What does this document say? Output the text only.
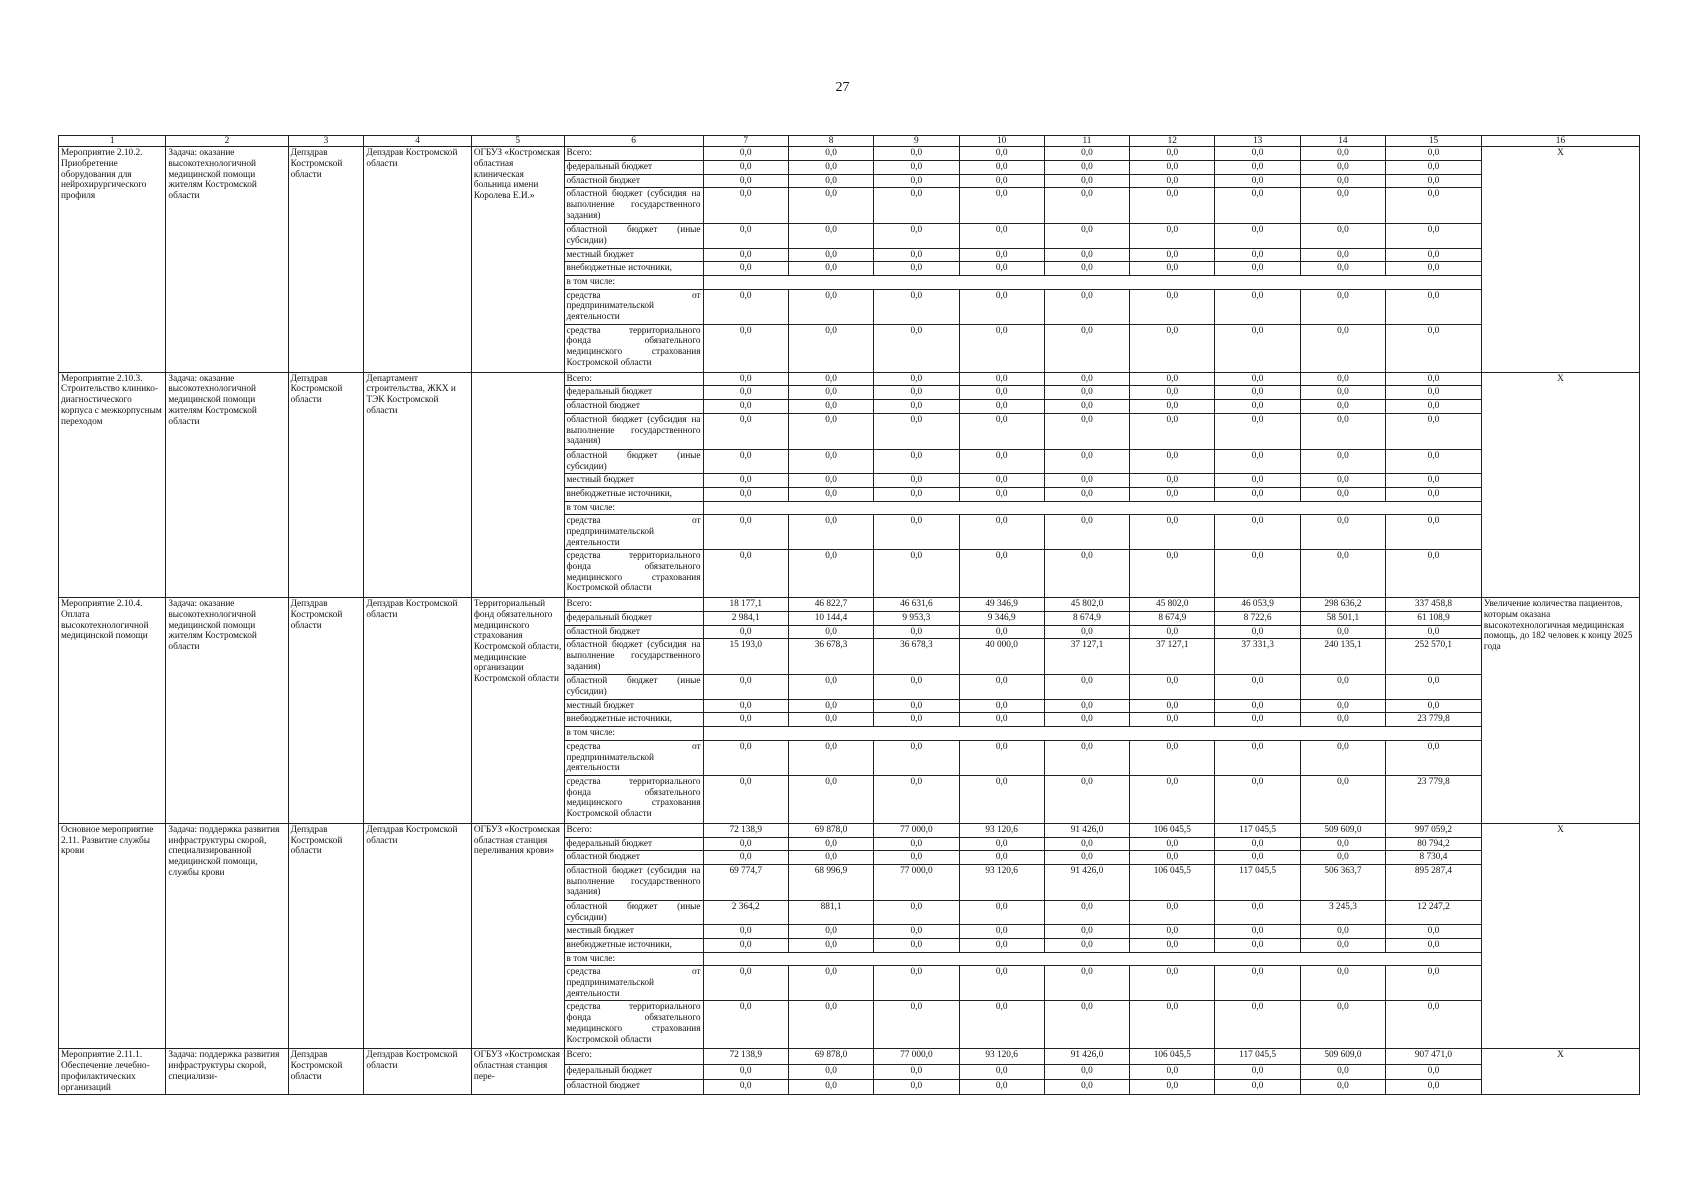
27
1	2	3	4	5	6	7	8	9	10	11	12	13	14	15	16
Мероприятие 2.10.2. Приобретение оборудования для нейрохирургического профиля	Задача: оказание высокотехнологичной медицинской помощи жителям Костромской области	Депздрав Костромской области	Депздрав Костромской области	ОГБУЗ «Костромская областная клиническая больница имени Королева Е.И.»	Всего:	0,0	0,0	0,0	0,0	0,0	0,0	0,0	0,0	0,0	X
					федеральный бюджет	0,0	0,0	0,0	0,0	0,0	0,0	0,0	0,0	0,0	
					областной бюджет	0,0	0,0	0,0	0,0	0,0	0,0	0,0	0,0	0,0	
					областной бюджет (субсидия на выполнение государственного задания)	0,0	0,0	0,0	0,0	0,0	0,0	0,0	0,0	0,0	
					областной бюджет (иные субсидии)	0,0	0,0	0,0	0,0	0,0	0,0	0,0	0,0	0,0	
					местный бюджет	0,0	0,0	0,0	0,0	0,0	0,0	0,0	0,0	0,0	
					внебюджетные источники,	0,0	0,0	0,0	0,0	0,0	0,0	0,0	0,0	0,0	
					в том числе:										
					средства от предпринимательской деятельности	0,0	0,0	0,0	0,0	0,0	0,0	0,0	0,0	0,0	
					средства территориального фонда обязательного медицинского страхования Костромской области	0,0	0,0	0,0	0,0	0,0	0,0	0,0	0,0	0,0	
Мероприятие 2.10.3. Строительство клинико-диагностического корпуса с межкорпусным переходом	Задача: оказание высокотехнологичной медицинской помощи жителям Костромской области	Депздрав Костромской области	Департамент строительства, ЖКХ и ТЭК Костромской области		Всего:	0,0	0,0	0,0	0,0	0,0	0,0	0,0	0,0	0,0	X
					федеральный бюджет	0,0	0,0	0,0	0,0	0,0	0,0	0,0	0,0	0,0	
					областной бюджет	0,0	0,0	0,0	0,0	0,0	0,0	0,0	0,0	0,0	
					областной бюджет (субсидия на выполнение государственного задания)	0,0	0,0	0,0	0,0	0,0	0,0	0,0	0,0	0,0	
					областной бюджет (иные субсидии)	0,0	0,0	0,0	0,0	0,0	0,0	0,0	0,0	0,0	
					местный бюджет	0,0	0,0	0,0	0,0	0,0	0,0	0,0	0,0	0,0	
					внебюджетные источники,	0,0	0,0	0,0	0,0	0,0	0,0	0,0	0,0	0,0	
					в том числе:										
					средства от предпринимательской деятельности	0,0	0,0	0,0	0,0	0,0	0,0	0,0	0,0	0,0	
					средства территориального фонда обязательного медицинского страхования Костромской области	0,0	0,0	0,0	0,0	0,0	0,0	0,0	0,0	0,0	
Мероприятие 2.10.4. Оплата высокотехнологичной медицинской помощи	Задача: оказание высокотехнологичной медицинской помощи жителям Костромской области	Депздрав Костромской области	Депздрав Костромской области	Территориальный фонд обязательного медицинского страхования Костромской области, медицинские организации Костромской области	Всего:	18 177,1	46 822,7	46 631,6	49 346,9	45 802,0	45 802,0	46 053,9	298 636,2	337 458,8	Увеличение количества пациентов, которым оказана высокотехнологичная медицинская помощь, до 182 человек к концу 2025 года
					федеральный бюджет	2 984,1	10 144,4	9 953,3	9 346,9	8 674,9	8 674,9	8 722,6	58 501,1	61 108,9	
					областной бюджет	0,0	0,0	0,0	0,0	0,0	0,0	0,0	0,0	0,0	
					областной бюджет (субсидия на выполнение государственного задания)	15 193,0	36 678,3	36 678,3	40 000,0	37 127,1	37 127,1	37 331,3	240 135,1	252 570,1	
					областной бюджет (иные субсидии)	0,0	0,0	0,0	0,0	0,0	0,0	0,0	0,0	0,0	
					местный бюджет	0,0	0,0	0,0	0,0	0,0	0,0	0,0	0,0	0,0	
					внебюджетные источники,	0,0	0,0	0,0	0,0	0,0	0,0	0,0	0,0	23 779,8	
					в том числе:										
					средства от предпринимательской деятельности	0,0	0,0	0,0	0,0	0,0	0,0	0,0	0,0	0,0	
					средства территориального фонда обязательного медицинского страхования Костромской области	0,0	0,0	0,0	0,0	0,0	0,0	0,0	0,0	23 779,8	
Основное мероприятие 2.11. Развитие службы крови	Задача: поддержка развития инфраструктуры скорой, специализированной медицинской помощи, службы крови	Депздрав Костромской области	Депздрав Костромской области	ОГБУЗ «Костромская областная станция переливания крови»	Всего:	72 138,9	69 878,0	77 000,0	93 120,6	91 426,0	106 045,5	117 045,5	509 609,0	997 059,2	X
					федеральный бюджет	0,0	0,0	0,0	0,0	0,0	0,0	0,0	0,0	80 794,2	
					областной бюджет	0,0	0,0	0,0	0,0	0,0	0,0	0,0	0,0	8 730,4	
					областной бюджет (субсидия на выполнение государственного задания)	69 774,7	68 996,9	77 000,0	93 120,6	91 426,0	106 045,5	117 045,5	506 363,7	895 287,4	
					областной бюджет (иные субсидии)	2 364,2	881,1	0,0	0,0	0,0	0,0	0,0	3 245,3	12 247,2	
					местный бюджет	0,0	0,0	0,0	0,0	0,0	0,0	0,0	0,0	0,0	
					внебюджетные источники,	0,0	0,0	0,0	0,0	0,0	0,0	0,0	0,0	0,0	
					в том числе:										
					средства от предпринимательской деятельности	0,0	0,0	0,0	0,0	0,0	0,0	0,0	0,0	0,0	
					средства территориального фонда обязательного медицинского страхования Костромской области	0,0	0,0	0,0	0,0	0,0	0,0	0,0	0,0	0,0	
Мероприятие 2.11.1. Обеспечение лечебно-профилактических организаций	Задача: поддержка развития инфраструктуры скорой, специализи-	Депздрав Костромской области	Депздрав Костромской области	ОГБУЗ «Костромская областная станция пере-	Всего:	72 138,9	69 878,0	77 000,0	93 120,6	91 426,0	106 045,5	117 045,5	509 609,0	907 471,0	X
					федеральный бюджет	0,0	0,0	0,0	0,0	0,0	0,0	0,0	0,0	0,0	
					областной бюджет	0,0	0,0	0,0	0,0	0,0	0,0	0,0	0,0	0,0	
